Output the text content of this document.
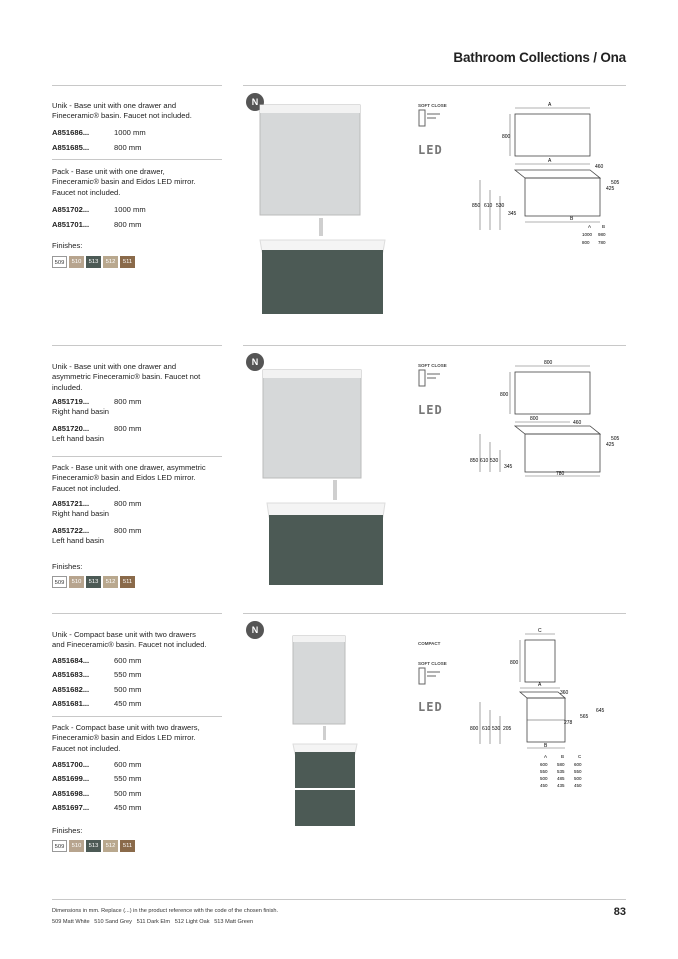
Bathroom Collections / Ona
Unik - Base unit with one drawer and
Fineceramic® basin. Faucet not included.
A851686...	1000 mm
A851685...	800 mm
Pack - Base unit with one drawer,
Fineceramic® basin and Eidos LED mirror.
Faucet not included.
A851702...	1000 mm
A851701...	800 mm
Finishes:
509	510	513	512	511
N	SOFT CLOSE
LED
A
800
A
460
505
425
850 610 530
345
B
A B
1000 980
800 780
Unik - Base unit with one drawer and
asymmetric Fineceramic® basin. Faucet not
included.
A851719...	800 mm
Right hand basin
A851720...	800 mm
Left hand basin
Pack - Base unit with one drawer, asymmetric
Fineceramic® basin and Eidos LED mirror.
Faucet not included.
A851721...	800 mm
Right hand basin
A851722...	800 mm
Left hand basin
Finishes:
509	510	513	512	511
N	SOFT CLOSE
LED
800
800
800
460
505
425
850 610 530
345
780
Unik - Compact base unit with two drawers
and Fineceramic® basin. Faucet not included.
A851684...	600 mm
A851683...	550 mm
A851682...	500 mm
A851681...	450 mm
Pack - Compact base unit with two drawers,
Fineceramic® basin and Eidos LED mirror.
Faucet not included.
A851700...	600 mm
A851699...	550 mm
A851698...	500 mm
A851697...	450 mm
Finishes:
509	510	513	512	511
N
COMPACT
SOFT CLOSE
LED
C
800
A
360
645
565
278
800 610 530 205
B
A	B	C
600 580 600
550 535 550
500 485 500
450 435 450
Dimensions in mm. Replace (...) in the product reference with the code of the chosen finish.
509 Matt White   510 Sand Grey   511 Dark Elm   512 Light Oak   513 Matt Green
83
